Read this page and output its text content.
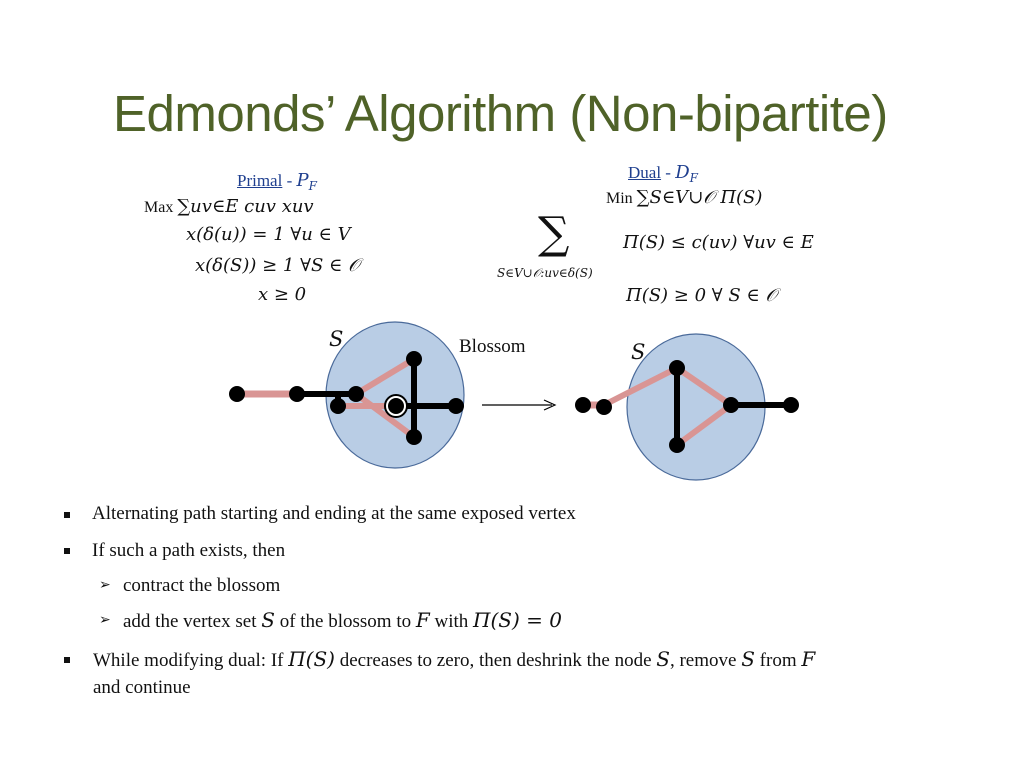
Edmonds’ Algorithm (Non-bipartite)
Primal - $P_F$
Max ∑uv∈E cuv xuv
x(δ(u)) = 1 ∀u ∈ V
x(δ(S)) ≥ 1 ∀S ∈ 𝒪
x ≥ 0
Dual - $D_F$
Min ∑S∈V∪𝒪 Π(S)
∑
S∈V∪𝒪:uv∈δ(S)
Π(S) ≤ c(uv) ∀uv ∈ E
Π(S) ≥ 0 ∀ S ∈ 𝒪
S
S
Blossom
Alternating path starting and ending at the same exposed vertex
If such a path exists, then
➢ contract the blossom
➢ add the vertex set S of the blossom to F with Π(S) = 0
While modifying dual: If Π(S) decreases to zero, then deshrink the node S, remove S from F
and continue
